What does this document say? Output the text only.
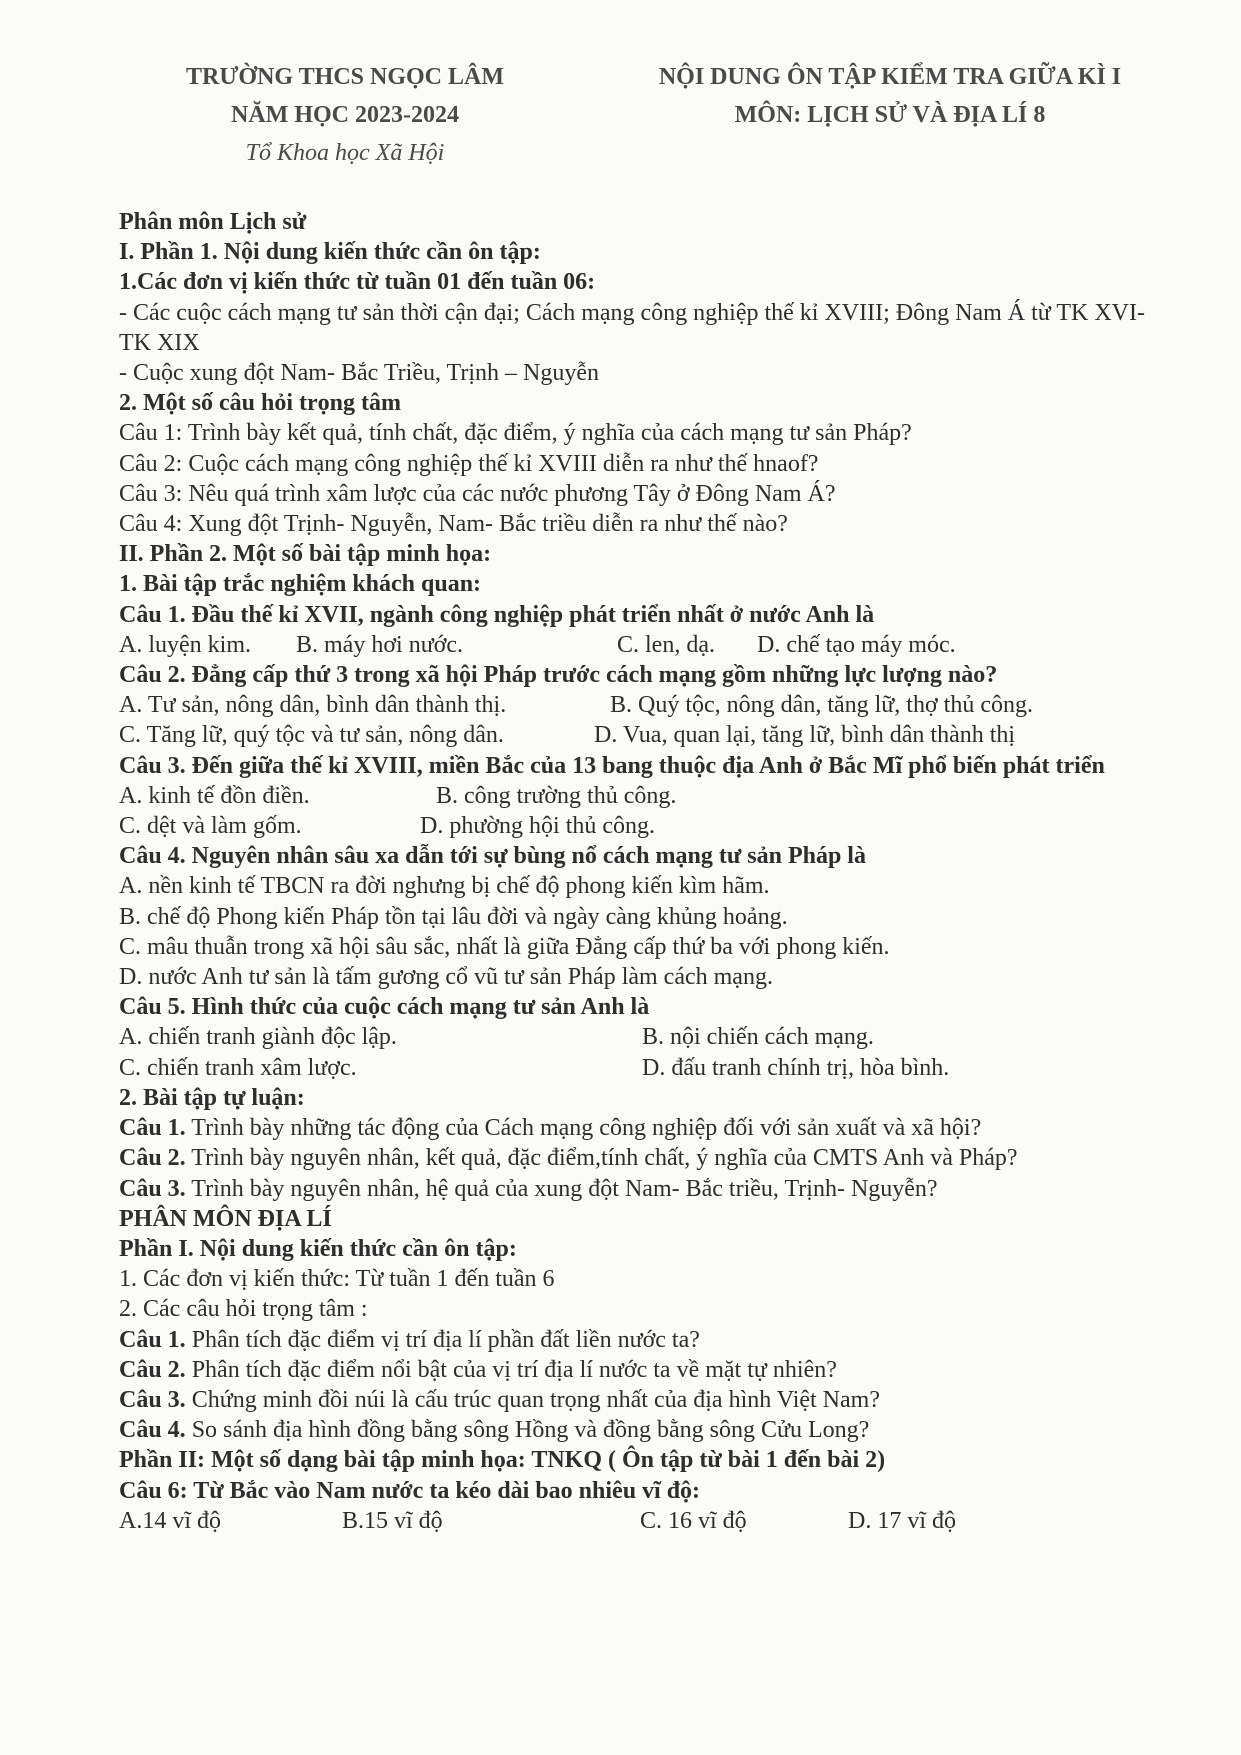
TRƯỜNG THCS NGỌC LÂM
NĂM HỌC 2023-2024
Tổ Khoa học Xã Hội
NỘI DUNG ÔN TẬP KIỂM TRA GIỮA KÌ I
MÔN: LỊCH SỬ VÀ ĐỊA LÍ 8
Phân môn Lịch sử
I. Phần 1. Nội dung kiến thức cần ôn tập:
1.Các đơn vị kiến thức từ tuần 01 đến tuần 06:
- Các cuộc cách mạng tư sản thời cận đại; Cách mạng công nghiệp thế kỉ XVIII; Đông Nam Á từ TK XVI- TK XIX
- Cuộc xung đột Nam- Bắc Triều, Trịnh – Nguyễn
2. Một số câu hỏi trọng tâm
Câu 1: Trình bày kết quả, tính chất, đặc điểm, ý nghĩa của cách mạng tư sản Pháp?
Câu 2: Cuộc cách mạng công nghiệp thế kỉ XVIII diễn ra như thế hnaof?
Câu 3: Nêu quá trình xâm lược của các nước phương Tây ở Đông Nam Á?
Câu 4: Xung đột Trịnh- Nguyễn, Nam- Bắc triều diễn ra như thế nào?
II. Phần 2. Một số bài tập minh họa:
1. Bài tập trắc nghiệm khách quan:
Câu 1. Đầu thế kỉ XVII, ngành công nghiệp phát triển nhất ở nước Anh là
A. luyện kim.	B. máy hơi nước.	C. len, dạ.	D. chế tạo máy móc.
Câu 2. Đẳng cấp thứ 3 trong xã hội Pháp trước cách mạng gồm những lực lượng nào?
A. Tư sản, nông dân, bình dân thành thị.	B. Quý tộc, nông dân, tăng lữ, thợ thủ công.
C. Tăng lữ, quý tộc và tư sản, nông dân.	D. Vua, quan lại, tăng lữ, bình dân thành thị
Câu 3. Đến giữa thế kỉ XVIII, miền Bắc của 13 bang thuộc địa Anh ở Bắc Mĩ phổ biến phát triển
A. kinh tế đồn điền.	B. công trường thủ công.
C. dệt và làm gốm.	D. phường hội thủ công.
Câu 4. Nguyên nhân sâu xa dẫn tới sự bùng nổ cách mạng tư sản Pháp là
A. nền kinh tế TBCN ra đời nghưng bị chế độ phong kiến kìm hãm.
B. chế độ Phong kiến Pháp tồn tại lâu đời và ngày càng khủng hoảng.
C. mâu thuẫn trong xã hội sâu sắc, nhất là giữa Đẳng cấp thứ ba với phong kiến.
D. nước Anh tư sản là tấm gương cổ vũ tư sản Pháp làm cách mạng.
Câu 5. Hình thức của cuộc cách mạng tư sản Anh là
A. chiến tranh giành độc lập.	B. nội chiến cách mạng.
C. chiến tranh xâm lược.	D. đấu tranh chính trị, hòa bình.
2. Bài tập tự luận:
Câu 1. Trình bày những tác động của Cách mạng công nghiệp đối với sản xuất và xã hội?
Câu 2. Trình bày nguyên nhân, kết quả, đặc điểm,tính chất, ý nghĩa của CMTS Anh và Pháp?
Câu 3. Trình bày nguyên nhân, hệ quả của xung đột Nam- Bắc triều, Trịnh- Nguyễn?
PHÂN MÔN ĐỊA LÍ
Phần I. Nội dung kiến thức cần ôn tập:
1. Các đơn vị kiến thức: Từ tuần 1 đến tuần 6
2. Các câu hỏi trọng tâm :
Câu 1. Phân tích đặc điểm vị trí địa lí phần đất liền nước ta?
Câu 2. Phân tích đặc điểm nổi bật của vị trí địa lí nước ta về mặt tự nhiên?
Câu 3. Chứng minh đồi núi là cấu trúc quan trọng nhất của địa hình Việt Nam?
Câu 4. So sánh địa hình đồng bằng sông Hồng và đồng bằng sông Cửu Long?
Phần II: Một số dạng bài tập minh họa: TNKQ ( Ôn tập từ bài 1 đến bài 2)
Câu 6: Từ Bắc vào Nam nước ta kéo dài bao nhiêu vĩ độ:
A.14 vĩ độ	B.15 vĩ độ	C. 16 vĩ độ	D. 17 vĩ độ
